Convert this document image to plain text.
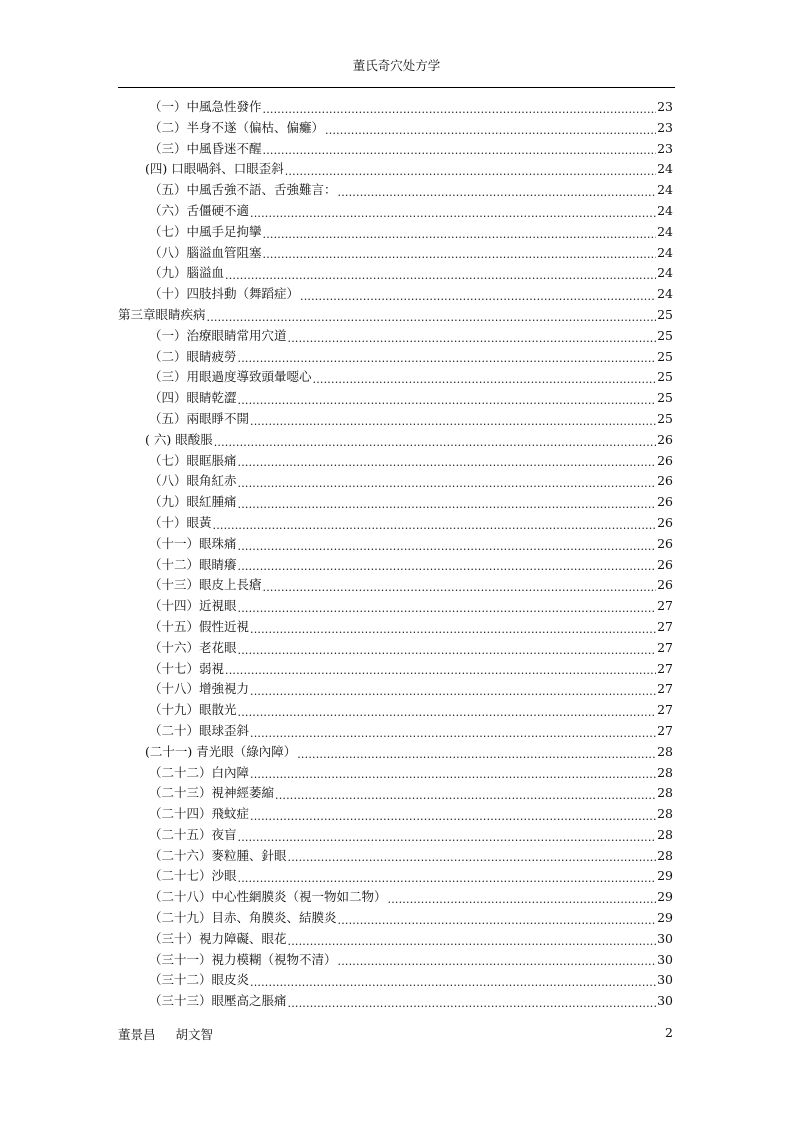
董氏奇穴处方学
（一）中風急性發作 .....	23
（二）半身不遂（偏枯、偏癱） .....	23
（三）中風昏迷不醒 .....	23
(四) 口眼喎斜、口眼歪斜 .....	24
（五）中風舌強不語、舌強難言： .....	24
（六）舌僵硬不適 .....	24
（七）中風手足拘攣 .....	24
（八）腦溢血管阻塞 .....	24
（九）腦溢血 .....	24
（十）四肢抖動（舞蹈症） .....	24
第三章眼睛疾病 .....	25
（一）治療眼睛常用穴道 .....	25
（二）眼睛疲勞 .....	25
（三）用眼過度導致頭暈噁心 .....	25
（四）眼睛乾澀 .....	25
（五）兩眼睜不開 .....	25
( 六) 眼酸脹 .....	26
（七）眼眶脹痛 .....	26
（八）眼角紅赤 .....	26
（九）眼紅腫痛 .....	26
（十）眼黃 .....	26
（十一）眼珠痛 .....	26
（十二）眼睛癢 .....	26
（十三）眼皮上長瘡 .....	26
（十四）近視眼 .....	27
（十五）假性近視 .....	27
（十六）老花眼 .....	27
（十七）弱視 .....	27
（十八）增強視力 .....	27
（十九）眼散光 .....	27
（二十）眼球歪斜 .....	27
(二十一) 青光眼（綠內障） .....	28
（二十二）白內障 .....	28
（二十三）視神經萎縮 .....	28
（二十四）飛蚊症 .....	28
（二十五）夜盲 .....	28
（二十六）麥粒腫、針眼 .....	28
（二十七）沙眼 .....	29
（二十八）中心性網膜炎（視一物如二物） .....	29
（二十九）目赤、角膜炎、結膜炎 .....	29
（三十）視力障礙、眼花 .....	30
（三十一）視力模糊（視物不清） .....	30
（三十二）眼皮炎 .....	30
（三十三）眼壓高之脹痛 .....	30
董景昌 胡文智	2
